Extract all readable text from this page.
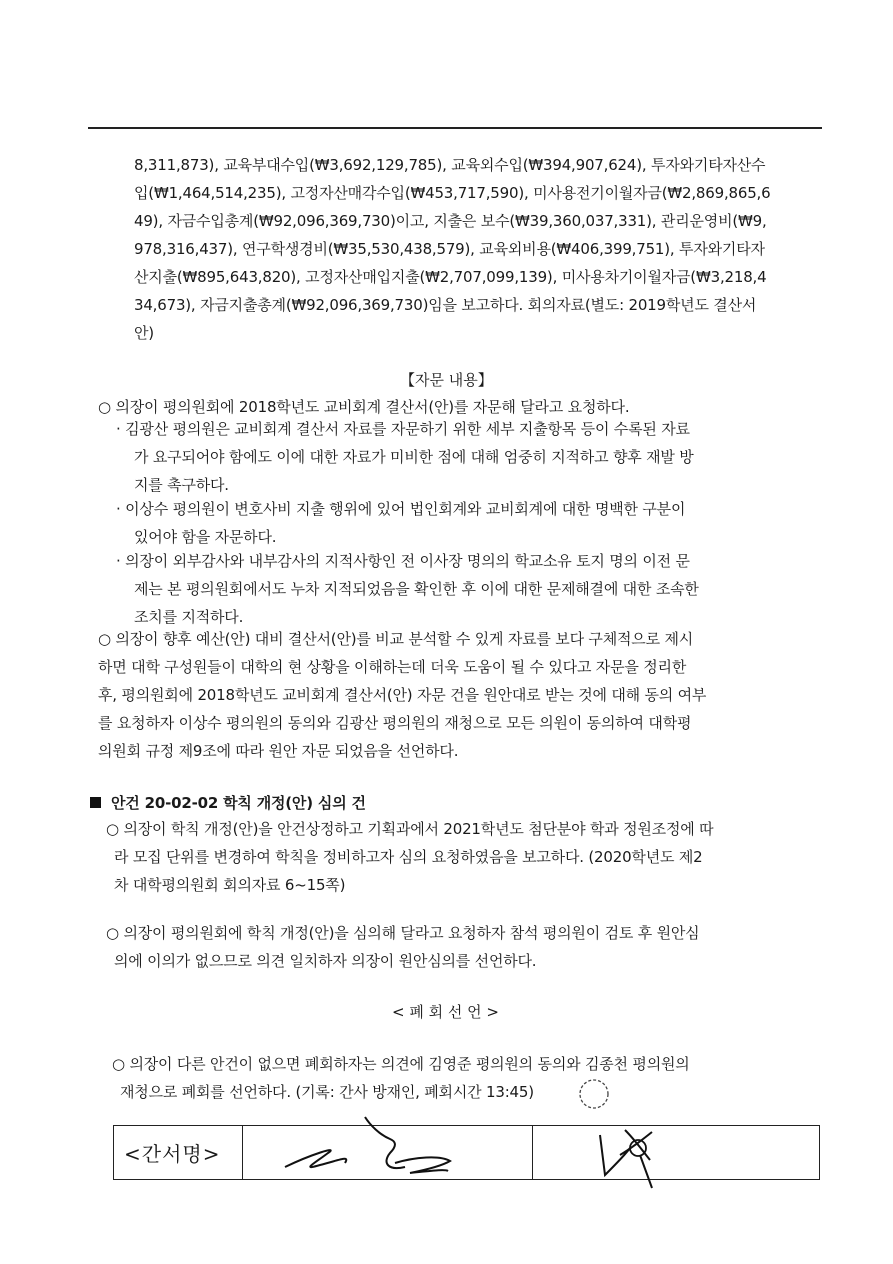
8,311,873), 교육부대수입(₩3,692,129,785), 교육외수입(₩394,907,624), 투자와기타자산수
입(₩1,464,514,235), 고정자산매각수입(₩453,717,590), 미사용전기이월자금(₩2,869,865,6
49), 자금수입총계(₩92,096,369,730)이고, 지출은 보수(₩39,360,037,331), 관리운영비(₩9,
978,316,437), 연구학생경비(₩35,530,438,579), 교육외비용(₩406,399,751), 투자와기타자
산지출(₩895,643,820), 고정자산매입지출(₩2,707,099,139), 미사용차기이월자금(₩3,218,4
34,673), 자금지출총계(₩92,096,369,730)임을 보고하다. 회의자료(별도: 2019학년도 결산서
안)
【자문 내용】
○ 의장이 평의원회에 2018학년도 교비회계 결산서(안)를 자문해 달라고 요청하다.
· 김광산 평의원은 교비회계 결산서 자료를 자문하기 위한 세부 지출항목 등이 수록된 자료
가 요구되어야 함에도 이에 대한 자료가 미비한 점에 대해 엄중히 지적하고 향후 재발 방
지를 촉구하다.
· 이상수 평의원이 변호사비 지출 행위에 있어 법인회계와 교비회계에 대한 명백한 구분이
있어야 함을 자문하다.
· 의장이 외부감사와 내부감사의 지적사항인 전 이사장 명의의 학교소유 토지 명의 이전 문
제는 본 평의원회에서도 누차 지적되었음을 확인한 후 이에 대한 문제해결에 대한 조속한
조치를 지적하다.
○ 의장이 향후 예산(안) 대비 결산서(안)를 비교 분석할 수 있게 자료를 보다 구체적으로 제시
하면 대학 구성원들이 대학의 현 상황을 이해하는데 더욱 도움이 될 수 있다고 자문을 정리한
후, 평의원회에 2018학년도 교비회계 결산서(안) 자문 건을 원안대로 받는 것에 대해 동의 여부
를 요청하자 이상수 평의원의 동의와 김광산 평의원의 재청으로 모든 의원이 동의하여 대학평
의원회 규정 제9조에 따라 원안 자문 되었음을 선언하다.
안건 20-02-02 학칙 개정(안) 심의 건
○ 의장이 학칙 개정(안)을 안건상정하고 기획과에서 2021학년도 첨단분야 학과 정원조정에 따
라 모집 단위를 변경하여 학칙을 정비하고자 심의 요청하였음을 보고하다. (2020학년도 제2
차 대학평의원회 회의자료 6~15쪽)
○ 의장이 평의원회에 학칙 개정(안)을 심의해 달라고 요청하자 참석 평의원이 검토 후 원안심
의에 이의가 없으므로 의견 일치하자 의장이 원안심의를 선언하다.
< 폐 회 선 언 >
○ 의장이 다른 안건이 없으면 폐회하자는 의견에 김영준 평의원의 동의와 김종천 평의원의
재청으로 폐회를 선언하다. (기록: 간사 방재인, 폐회시간 13:45)
<간서명>
